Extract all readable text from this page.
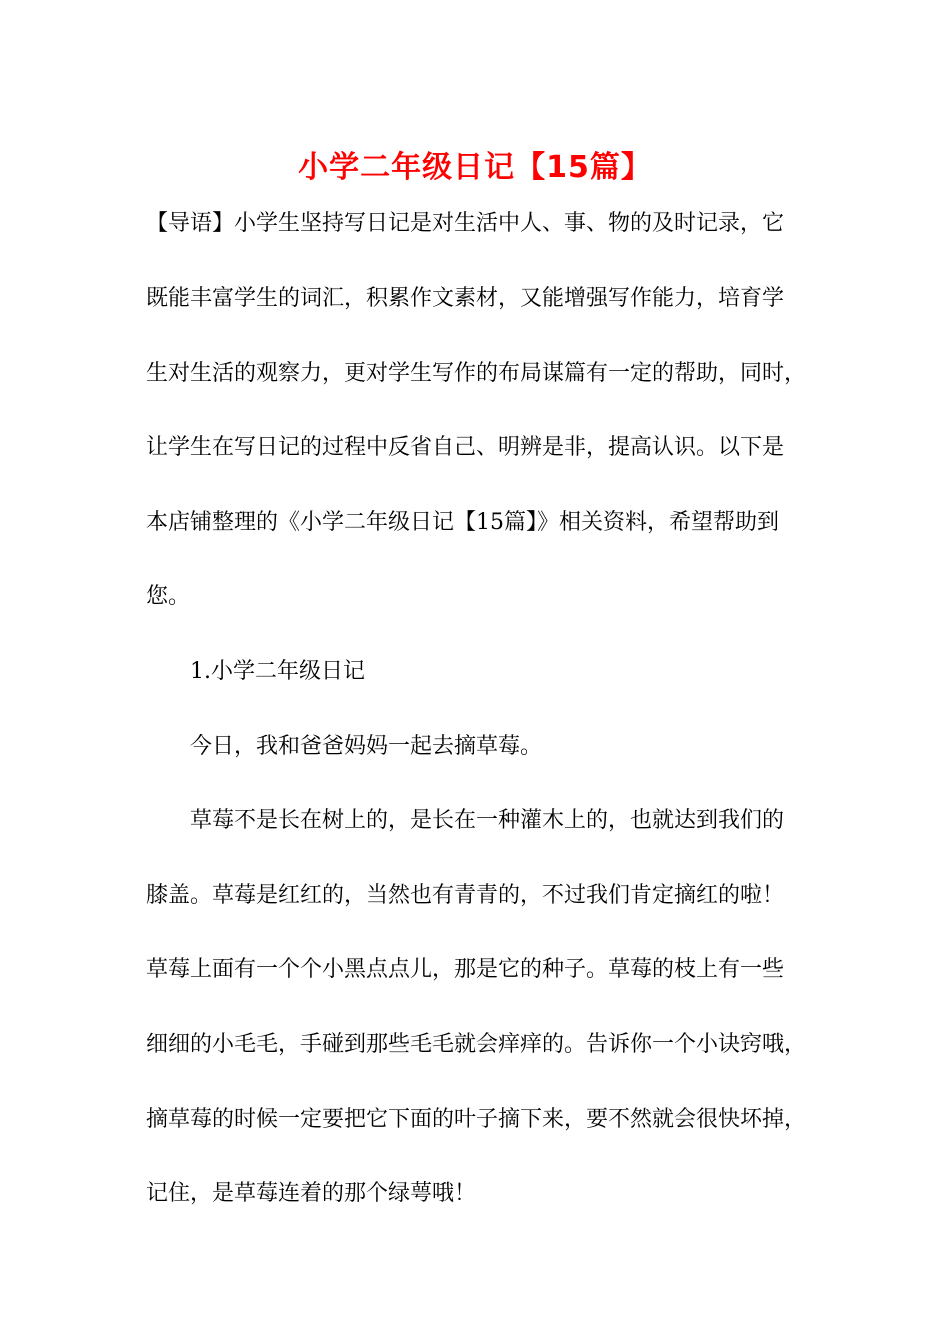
小学二年级日记【15篇】

【导语】小学生坚持写日记是对生活中人、事、物的及时记录，它

既能丰富学生的词汇，积累作文素材，又能增强写作能力，培育学

生对生活的观察力，更对学生写作的布局谋篇有一定的帮助，同时，

让学生在写日记的过程中反省自己、明辨是非，提高认识。以下是

本店铺整理的《小学二年级日记【15篇】》相关资料，希望帮助到

您。

1.小学二年级日记

今日，我和爸爸妈妈一起去摘草莓。

草莓不是长在树上的，是长在一种灌木上的，也就达到我们的

膝盖。草莓是红红的，当然也有青青的，不过我们肯定摘红的啦！

草莓上面有一个个小黑点点儿，那是它的种子。草莓的枝上有一些

细细的小毛毛，手碰到那些毛毛就会痒痒的。告诉你一个小诀窍哦，

摘草莓的时候一定要把它下面的叶子摘下来，要不然就会很快坏掉，

记住，是草莓连着的那个绿萼哦！
